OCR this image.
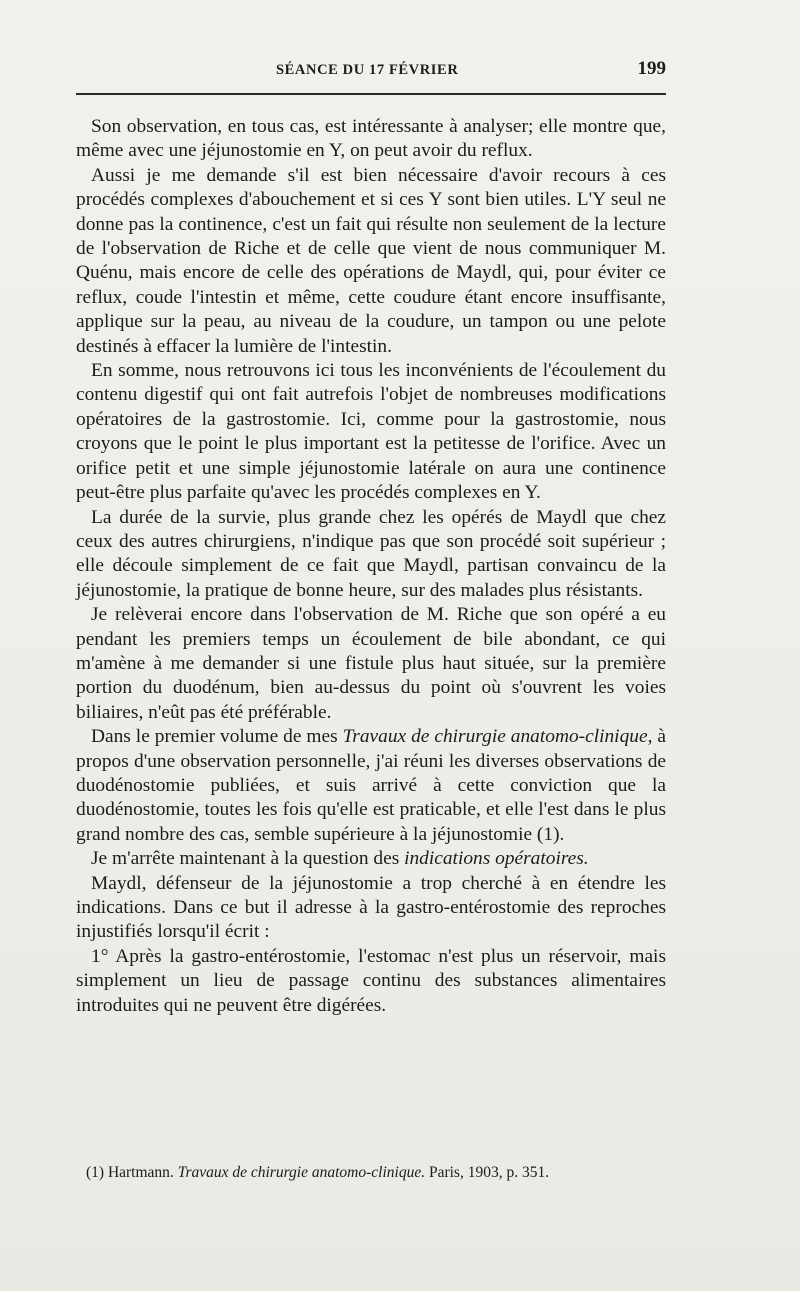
SÉANCE DU 17 FÉVRIER	199

Son observation, en tous cas, est intéressante à analyser; elle montre que, même avec une jéjunostomie en Y, on peut avoir du reflux.

Aussi je me demande s'il est bien nécessaire d'avoir recours à ces procédés complexes d'abouchement et si ces Y sont bien utiles. L'Y seul ne donne pas la continence, c'est un fait qui résulte non seulement de la lecture de l'observation de Riche et de celle que vient de nous communiquer M. Quénu, mais encore de celle des opérations de Maydl, qui, pour éviter ce reflux, coude l'intestin et même, cette coudure étant encore insuffisante, applique sur la peau, au niveau de la coudure, un tampon ou une pelote destinés à effacer la lumière de l'intestin.

En somme, nous retrouvons ici tous les inconvénients de l'écoulement du contenu digestif qui ont fait autrefois l'objet de nombreuses modifications opératoires de la gastrostomie. Ici, comme pour la gastrostomie, nous croyons que le point le plus important est la petitesse de l'orifice. Avec un orifice petit et une simple jéjunostomie latérale on aura une continence peut-être plus parfaite qu'avec les procédés complexes en Y.

La durée de la survie, plus grande chez les opérés de Maydl que chez ceux des autres chirurgiens, n'indique pas que son procédé soit supérieur ; elle découle simplement de ce fait que Maydl, partisan convaincu de la jéjunostomie, la pratique de bonne heure, sur des malades plus résistants.

Je relèverai encore dans l'observation de M. Riche que son opéré a eu pendant les premiers temps un écoulement de bile abondant, ce qui m'amène à me demander si une fistule plus haut située, sur la première portion du duodénum, bien au-dessus du point où s'ouvrent les voies biliaires, n'eût pas été préférable.

Dans le premier volume de mes Travaux de chirurgie anatomo-clinique, à propos d'une observation personnelle, j'ai réuni les diverses observations de duodénostomie publiées, et suis arrivé à cette conviction que la duodénostomie, toutes les fois qu'elle est praticable, et elle l'est dans le plus grand nombre des cas, semble supérieure à la jéjunostomie (1).

Je m'arrête maintenant à la question des indications opératoires.

Maydl, défenseur de la jéjunostomie a trop cherché à en étendre les indications. Dans ce but il adresse à la gastro-entérostomie des reproches injustifiés lorsqu'il écrit :

1° Après la gastro-entérostomie, l'estomac n'est plus un réservoir, mais simplement un lieu de passage continu des substances alimentaires introduites qui ne peuvent être digérées.

(1) Hartmann. Travaux de chirurgie anatomo-clinique. Paris, 1903, p. 351.
